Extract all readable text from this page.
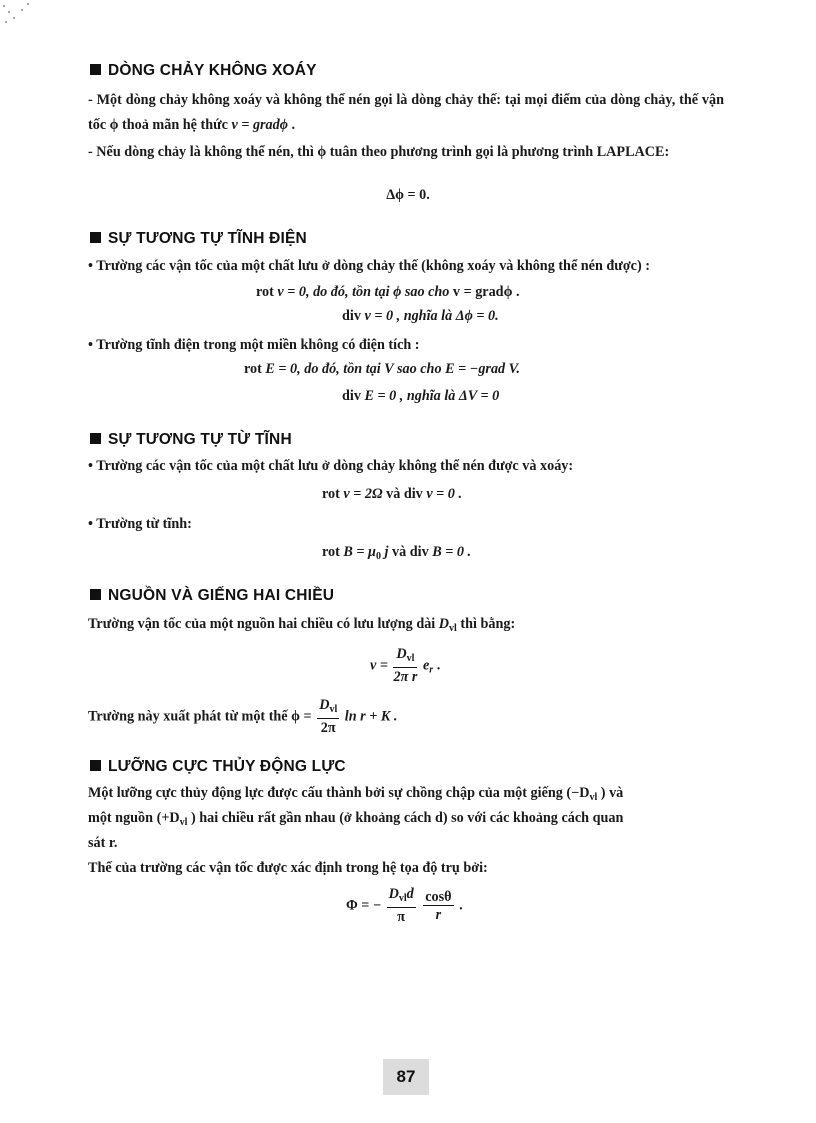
DÒNG CHẢY KHÔNG XOÁY
- Một dòng chảy không xoáy và không thể nén gọi là dòng chảy thế: tại mọi điểm của dòng chảy, thế vận tốc ϕ thoả mãn hệ thức v = gradϕ .
- Nếu dòng chảy là không thể nén, thì ϕ tuân theo phương trình gọi là phương trình LAPLACE:
Δϕ = 0.
SỰ TƯƠNG TỰ TĨNH ĐIỆN
• Trường các vận tốc của một chất lưu ở dòng chảy thế (không xoáy và không thể nén được) :
rot v = 0, do đó, tồn tại ϕ sao cho v = gradϕ .
div v = 0 , nghĩa là Δϕ = 0.
• Trường tĩnh điện trong một miền không có điện tích :
rot E = 0, do đó, tồn tại V sao cho E = −grad V.
div E = 0 , nghĩa là ΔV = 0
SỰ TƯƠNG TỰ TỪ TĨNH
• Trường các vận tốc của một chất lưu ở dòng chảy không thể nén được và xoáy:
rot v = 2Ω và div v = 0 .
• Trường từ tĩnh:
rot $B = \mu_0$ j và div B = 0 .
NGUỒN VÀ GIẾNG HAI CHIỀU
Trường vận tốc của một nguồn hai chiều có lưu lượng dài $D_{vl}$ thì bằng:
$v = \frac{D_{vl}}{\text{2π r}} e_r$ .
Trường này xuất phát từ một thế $\phi = \frac{D_{vl}}{2\pi}$ ln r + K .
LƯỠNG CỰC THỦY ĐỘNG LỰC
Một lưỡng cực thủy động lực được cấu thành bởi sự chồng chập của một giếng ($-D_{vl}$ ) và
một nguồn ($+D_{vl}$ ) hai chiều rất gần nhau (ở khoảng cách d) so với các khoảng cách quan
sát r.
Thế của trường các vận tốc được xác định trong hệ tọa độ trụ bởi:
Φ = − $\frac{D_{vl}d}{\pi}$
$\frac{\cos\theta}{r}$ .
87
